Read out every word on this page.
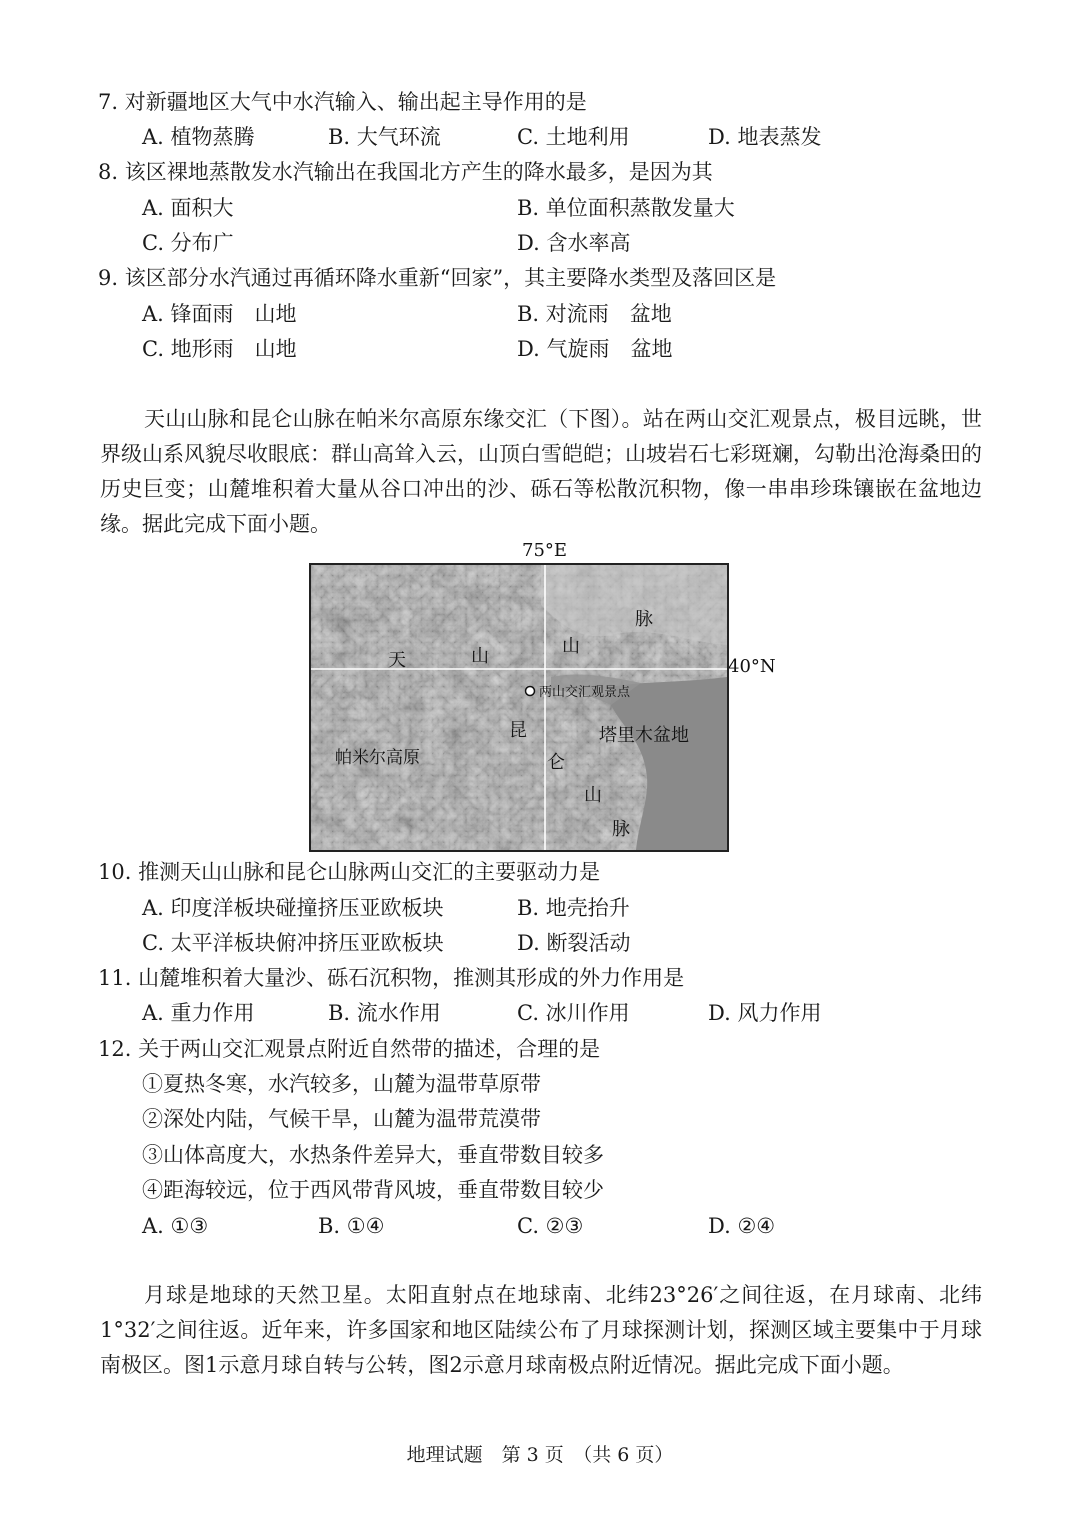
7. 对新疆地区大气中水汽输入、输出起主导作用的是
A. 植物蒸腾	B. 大气环流	C. 土地利用	D. 地表蒸发
8. 该区裸地蒸散发水汽输出在我国北方产生的降水最多，是因为其
A. 面积大	B. 单位面积蒸散发量大
C. 分布广	D. 含水率高
9. 该区部分水汽通过再循环降水重新“回家”，其主要降水类型及落回区是
A. 锋面雨　山地	B. 对流雨　盆地
C. 地形雨　山地	D. 气旋雨　盆地

天山山脉和昆仑山脉在帕米尔高原东缘交汇（下图）。站在两山交汇观景点，极目远眺，世界级山系风貌尽收眼底：群山高耸入云，山顶白雪皑皑；山坡岩石七彩斑斓，勾勒出沧海桑田的历史巨变；山麓堆积着大量从谷口冲出的沙、砾石等松散沉积物，像一串串珍珠镶嵌在盆地边缘。据此完成下面小题。

75°E
40°N
天	山	山
脉
两山交汇观景点
塔里木盆地
帕米尔高原
昆
仑
山
脉
10. 推测天山山脉和昆仑山脉两山交汇的主要驱动力是
A. 印度洋板块碰撞挤压亚欧板块	B. 地壳抬升
C. 太平洋板块俯冲挤压亚欧板块	D. 断裂活动
11. 山麓堆积着大量沙、砾石沉积物，推测其形成的外力作用是
A. 重力作用	B. 流水作用	C. 冰川作用	D. 风力作用
12. 关于两山交汇观景点附近自然带的描述，合理的是
①夏热冬寒，水汽较多，山麓为温带草原带
②深处内陆，气候干旱，山麓为温带荒漠带
③山体高度大，水热条件差异大，垂直带数目较多
④距海较远，位于西风带背风坡，垂直带数目较少
A. ①③	B. ①④	C. ②③	D. ②④

月球是地球的天然卫星。太阳直射点在地球南、北纬23°26′之间往返，在月球南、北纬1°32′之间往返。近年来，许多国家和地区陆续公布了月球探测计划，探测区域主要集中于月球南极区。图1示意月球自转与公转，图2示意月球南极点附近情况。据此完成下面小题。

地理试题　第 3 页　（共 6 页）
